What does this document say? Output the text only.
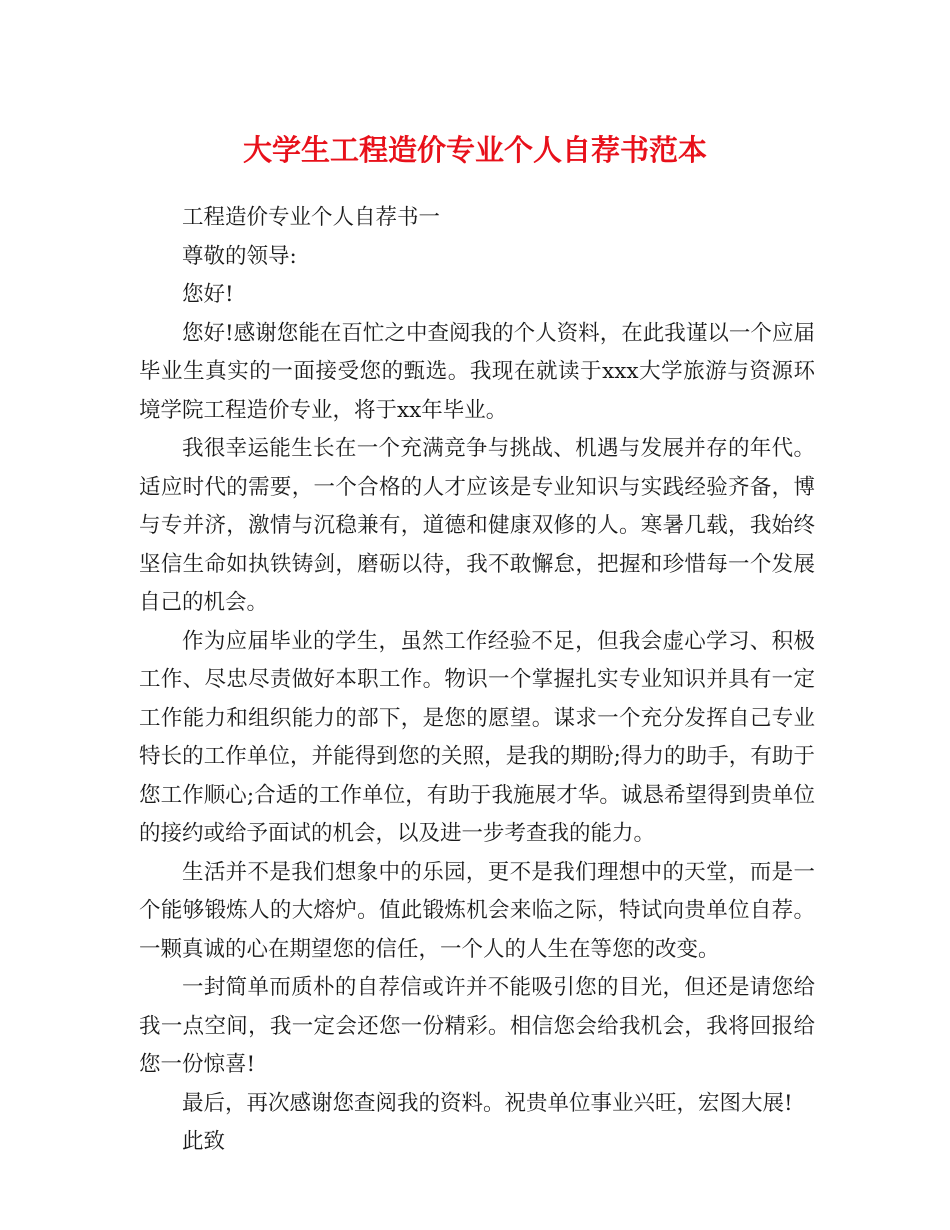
大学生工程造价专业个人自荐书范本

工程造价专业个人自荐书一

尊敬的领导:

您好!

您好!感谢您能在百忙之中查阅我的个人资料，在此我谨以一个应届毕业生真实的一面接受您的甄选。我现在就读于xxx大学旅游与资源环境学院工程造价专业，将于xx年毕业。

我很幸运能生长在一个充满竞争与挑战、机遇与发展并存的年代。适应时代的需要，一个合格的人才应该是专业知识与实践经验齐备，博与专并济，激情与沉稳兼有，道德和健康双修的人。寒暑几载，我始终坚信生命如执铁铸剑，磨砺以待，我不敢懈怠，把握和珍惜每一个发展自己的机会。

作为应届毕业的学生，虽然工作经验不足，但我会虚心学习、积极工作、尽忠尽责做好本职工作。物识一个掌握扎实专业知识并具有一定工作能力和组织能力的部下，是您的愿望。谋求一个充分发挥自己专业特长的工作单位，并能得到您的关照，是我的期盼;得力的助手，有助于您工作顺心;合适的工作单位，有助于我施展才华。诚恳希望得到贵单位的接约或给予面试的机会，以及进一步考查我的能力。

生活并不是我们想象中的乐园，更不是我们理想中的天堂，而是一个能够锻炼人的大熔炉。值此锻炼机会来临之际，特试向贵单位自荐。一颗真诚的心在期望您的信任，一个人的人生在等您的改变。

一封简单而质朴的自荐信或许并不能吸引您的目光，但还是请您给我一点空间，我一定会还您一份精彩。相信您会给我机会，我将回报给您一份惊喜!

最后，再次感谢您查阅我的资料。祝贵单位事业兴旺，宏图大展!

此致
